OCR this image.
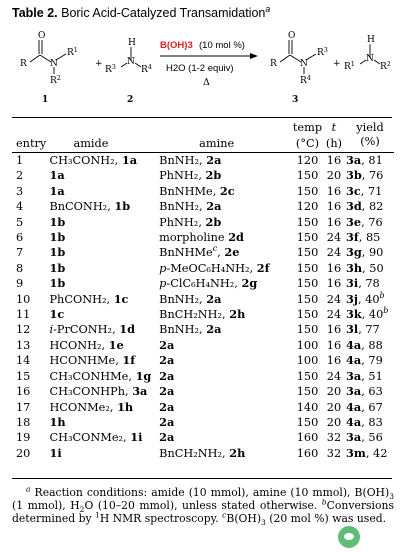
Table 2. Boric Acid-Catalyzed Transamidation$^a$
O
R	N
$R^1$
$R^2$
1
+
H
N
$R^3$	$R^4$
2
B(OH)3 (10 mol %)
H2O (1-2 equiv)
Δ
O
R	N
$R^3$
$R^4$
3
+
H
N
$R^1$	$R^2$
			temp	t	yield
entry	amide	amine	(°C)	(h)	(%)
1	CH₃CONH₂, 1a	BnNH₂, 2a	120	16	3a, 81
2	1a	PhNH₂, 2b	150	20	3b, 76
3	1a	BnNHMe, 2c	150	16	3c, 71
4	BnCONH₂, 1b	BnNH₂, 2a	120	16	3d, 82
5	1b	PhNH₂, 2b	150	16	3e, 76
6	1b	morpholine 2d	150	24	3f, 85
7	1b	BnNHMe$^c$, 2e	150	24	3g, 90
8	1b	p-MeOC₆H₄NH₂, 2f	150	16	3h, 50
9	1b	p-ClC₆H₄NH₂, 2g	150	16	3i, 78
10	PhCONH₂, 1c	BnNH₂, 2a	150	24	3j, 40$^b$
11	1c	BnCH₂NH₂, 2h	150	24	3k, 40$^b$
12	i-PrCONH₂, 1d	BnNH₂, 2a	150	16	3l, 77
13	HCONH₂, 1e	2a	100	16	4a, 88
14	HCONHMe, 1f	2a	100	16	4a, 79
15	CH₃CONHMe, 1g	2a	150	24	3a, 51
16	CH₃CONHPh, 3a	2a	150	20	3a, 63
17	HCONMe₂, 1h	2a	140	20	4a, 67
18	1h	2a	150	20	4a, 83
19	CH₃CONMe₂, 1i	2a	160	32	3a, 56
20	1i	BnCH₂NH₂, 2h	160	32	3m, 42
$^a$ Reaction conditions: amide (10 mmol), amine (10 mmol), $B(OH)_3$ (1 mmol), $H_2O$ (10–20 mmol), unless stated otherwise. $^b$Conversions determined by $^1$H NMR spectroscopy. $^cB(OH)_3$ (20 mol %) was used.
